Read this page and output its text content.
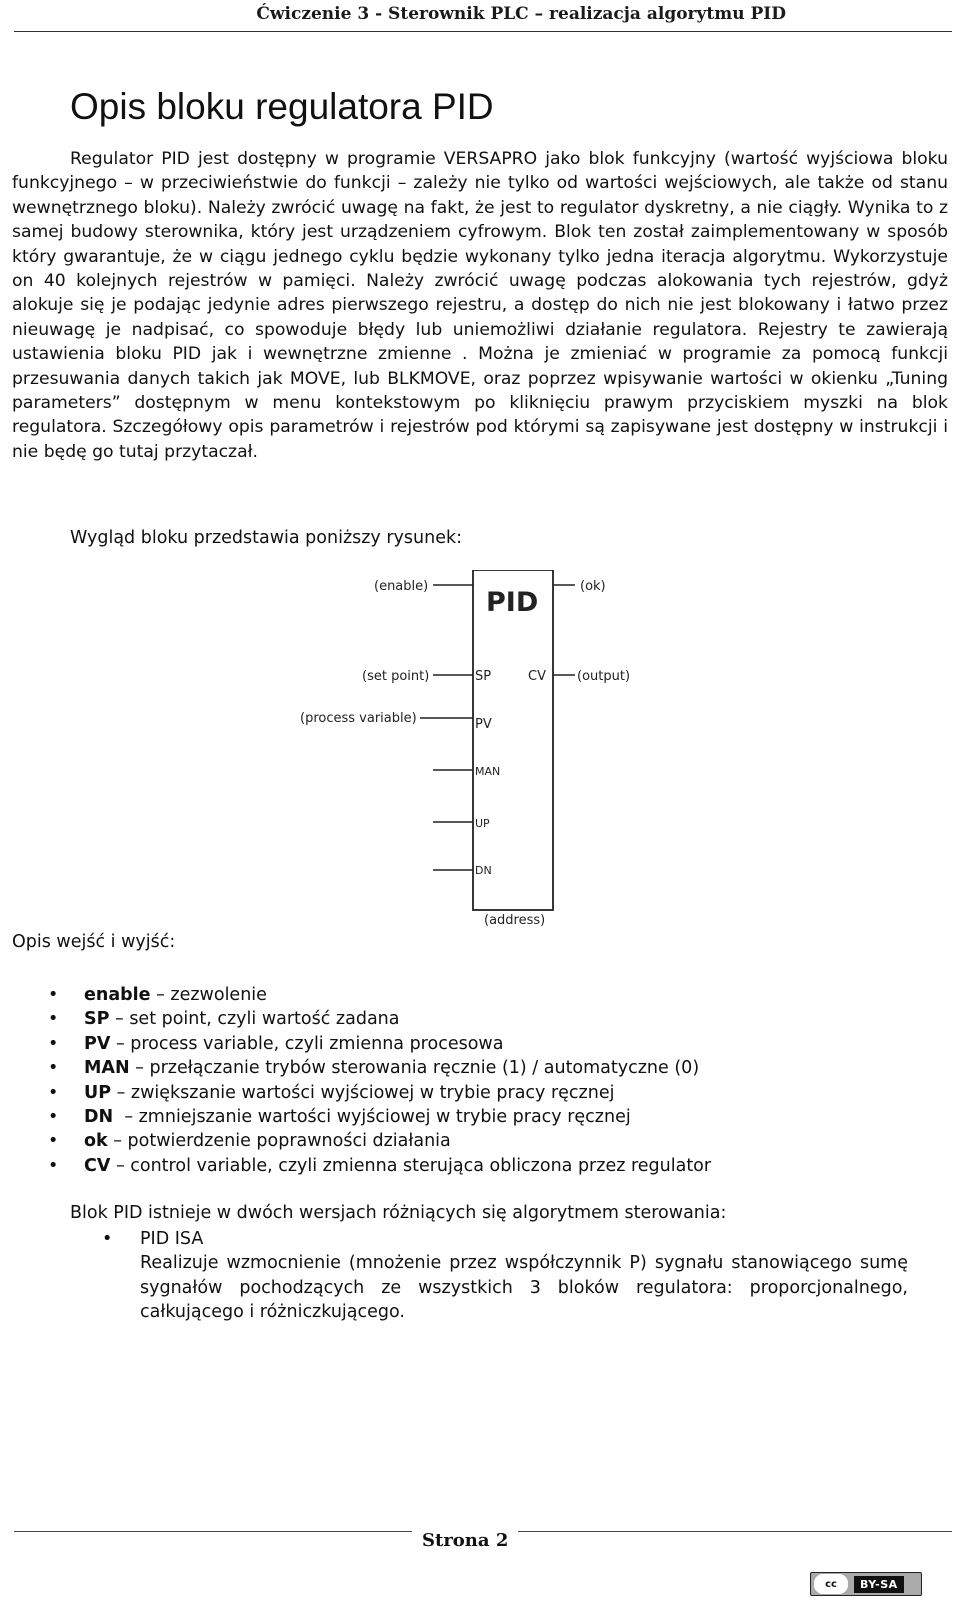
Ćwiczenie 3 - Sterownik PLC – realizacja algorytmu PID
Opis bloku regulatora PID

Regulator PID jest dostępny w programie VERSAPRO jako blok funkcyjny (wartość wyjściowa bloku funkcyjnego – w przeciwieństwie do funkcji – zależy nie tylko od wartości wejściowych, ale także od stanu wewnętrznego bloku). Należy zwrócić uwagę na fakt, że jest to regulator dyskretny, a nie ciągły. Wynika to z samej budowy sterownika, który jest urządzeniem cyfrowym. Blok ten został zaimplementowany w sposób który gwarantuje, że w ciągu jednego cyklu będzie wykonany tylko jedna iteracja algorytmu. Wykorzystuje on 40 kolejnych rejestrów w pamięci. Należy zwrócić uwagę podczas alokowania tych rejestrów, gdyż alokuje się je podając jedynie adres pierwszego rejestru, a dostęp do nich nie jest blokowany i łatwo przez nieuwagę je nadpisać, co spowoduje błędy lub uniemożliwi działanie regulatora. Rejestry te zawierają ustawienia bloku PID jak i wewnętrzne zmienne . Można je zmieniać w programie za pomocą funkcji przesuwania danych takich jak MOVE, lub BLKMOVE, oraz poprzez wpisywanie wartości w okienku „Tuning parameters” dostępnym w menu kontekstowym po kliknięciu prawym przyciskiem myszki na blok regulatora. Szczegółowy opis parametrów i rejestrów pod którymi są zapisywane jest dostępny w instrukcji i nie będę go tutaj przytaczał.

Wygląd bloku przedstawia poniższy rysunek:
PID
(enable)	(ok)
(set point)
(process variable)
(output)
SP	CV
PV
MAN
UP
DN
(address)
Opis wejść i wyjść:
• enable – zezwolenie
• SP – set point, czyli wartość zadana
• PV – process variable, czyli zmienna procesowa
• MAN – przełączanie trybów sterowania ręcznie (1) / automatyczne (0)
• UP – zwiększanie wartości wyjściowej w trybie pracy ręcznej
• DN  – zmniejszanie wartości wyjściowej w trybie pracy ręcznej
• ok – potwierdzenie poprawności działania
• CV – control variable, czyli zmienna sterująca obliczona przez regulator
Blok PID istnieje w dwóch wersjach różniących się algorytmem sterowania:
• PID ISA
Realizuje wzmocnienie (mnożenie przez współczynnik P) sygnału stanowiącego sumę sygnałów pochodzących ze wszystkich 3 bloków regulatora: proporcjonalnego, całkującego i różniczkującego.
Strona 2
cc	BY-SA
